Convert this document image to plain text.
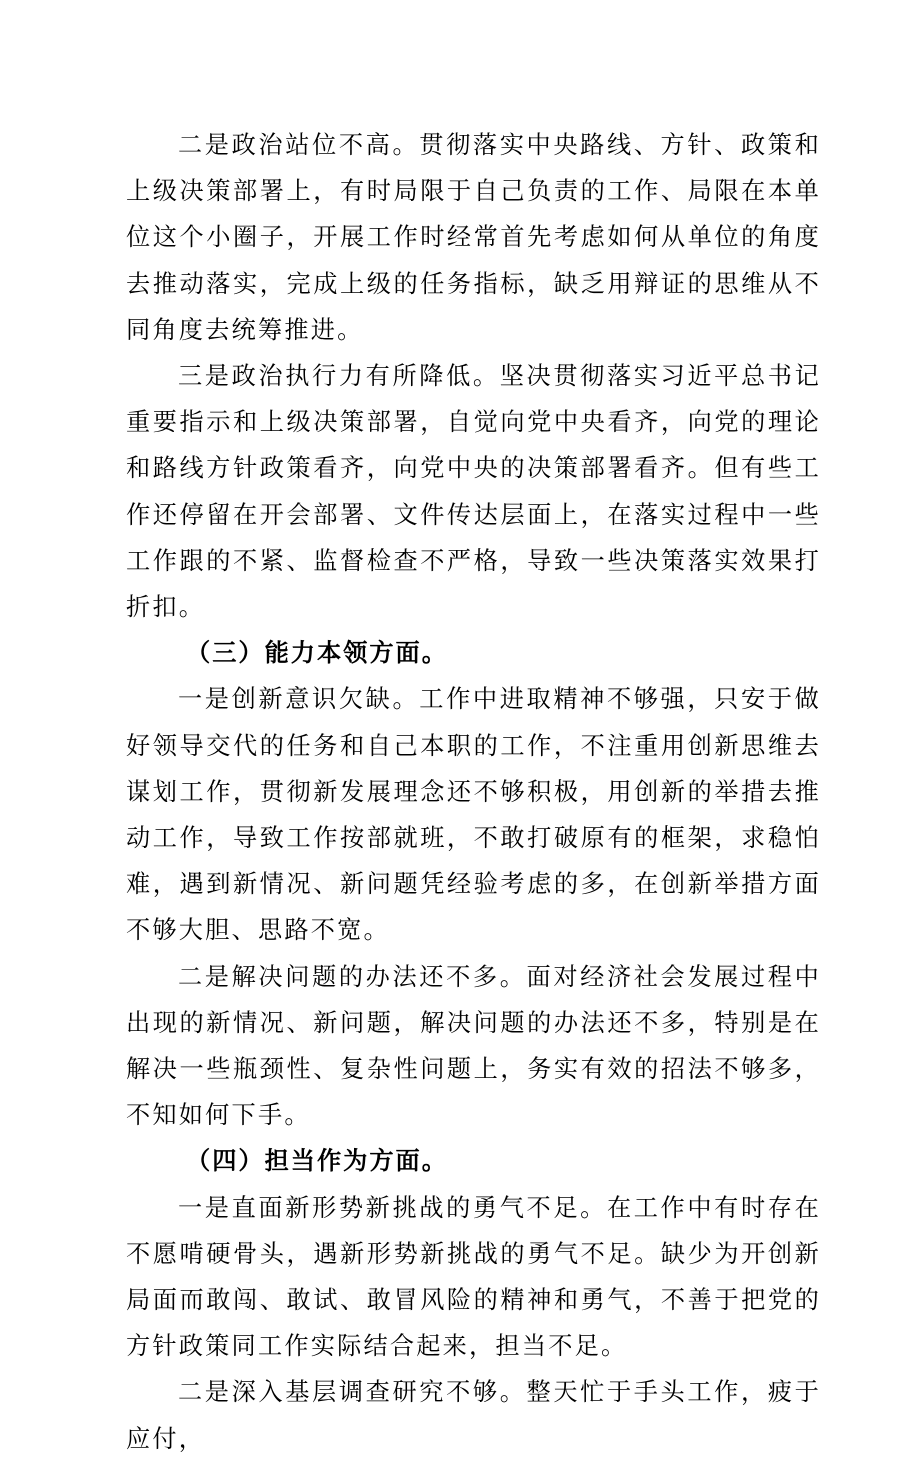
二是政治站位不高。贯彻落实中央路线、方针、政策和上级决策部署上，有时局限于自己负责的工作、局限在本单位这个小圈子，开展工作时经常首先考虑如何从单位的角度去推动落实，完成上级的任务指标，缺乏用辩证的思维从不同角度去统筹推进。

三是政治执行力有所降低。坚决贯彻落实习近平总书记重要指示和上级决策部署，自觉向党中央看齐，向党的理论和路线方针政策看齐，向党中央的决策部署看齐。但有些工作还停留在开会部署、文件传达层面上，在落实过程中一些工作跟的不紧、监督检查不严格，导致一些决策落实效果打折扣。

（三）能力本领方面。

一是创新意识欠缺。工作中进取精神不够强，只安于做好领导交代的任务和自己本职的工作，不注重用创新思维去谋划工作，贯彻新发展理念还不够积极，用创新的举措去推动工作，导致工作按部就班，不敢打破原有的框架，求稳怕难，遇到新情况、新问题凭经验考虑的多，在创新举措方面不够大胆、思路不宽。

二是解决问题的办法还不多。面对经济社会发展过程中出现的新情况、新问题，解决问题的办法还不多，特别是在解决一些瓶颈性、复杂性问题上，务实有效的招法不够多，不知如何下手。

（四）担当作为方面。

一是直面新形势新挑战的勇气不足。在工作中有时存在不愿啃硬骨头，遇新形势新挑战的勇气不足。缺少为开创新局面而敢闯、敢试、敢冒风险的精神和勇气，不善于把党的方针政策同工作实际结合起来，担当不足。

二是深入基层调查研究不够。整天忙于手头工作，疲于应付，
